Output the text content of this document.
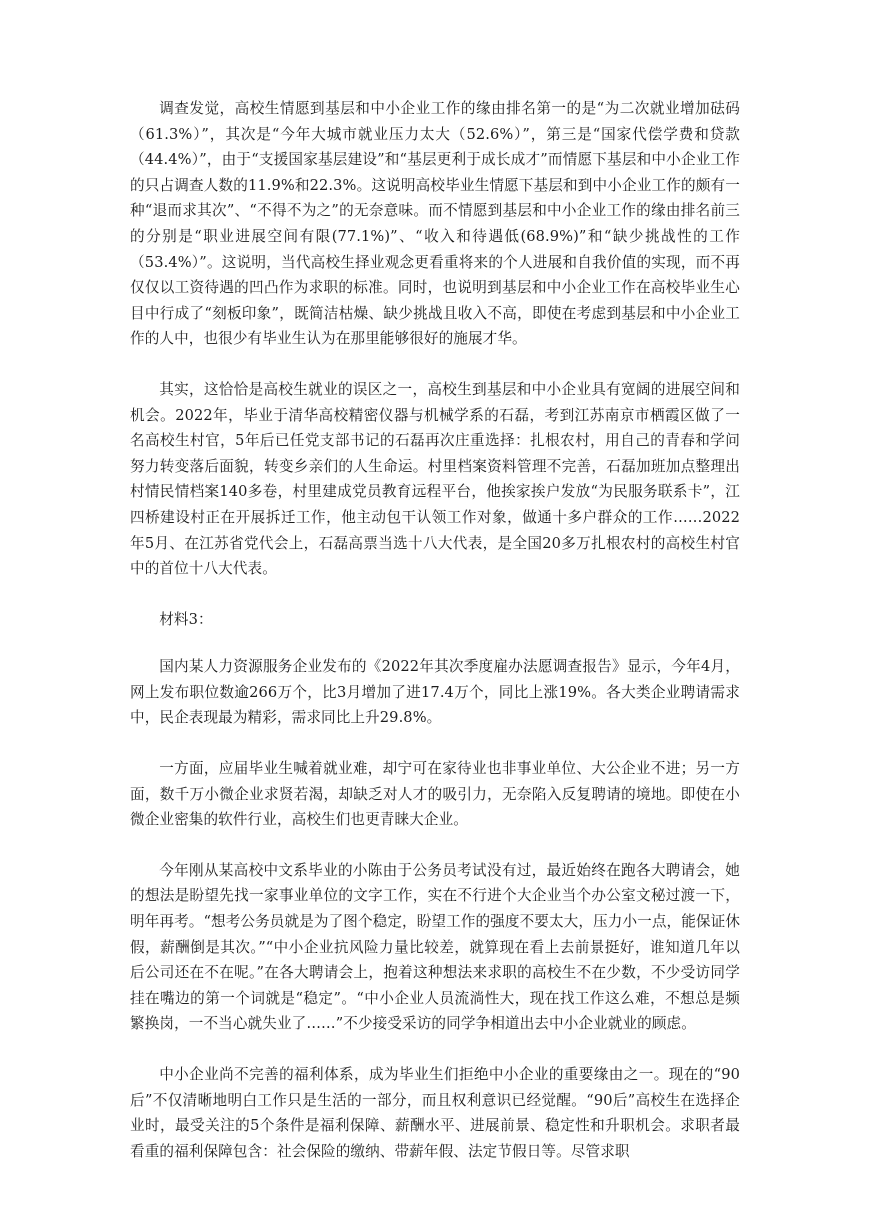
调查发觉，高校生情愿到基层和中小企业工作的缘由排名第一的是“为二次就业增加砝码（61.3%）”，其次是“今年大城市就业压力太大（52.6%）”，第三是“国家代偿学费和贷款（44.4%）”，由于“支援国家基层建设”和“基层更利于成长成才”而情愿下基层和中小企业工作的只占调查人数的11.9%和22.3%。这说明高校毕业生情愿下基层和到中小企业工作的颇有一种“退而求其次”、“不得不为之”的无奈意味。而不情愿到基层和中小企业工作的缘由排名前三的分别是“职业进展空间有限(77.1%)”、“收入和待遇低(68.9%)”和“缺少挑战性的工作（53.4%）”。这说明，当代高校生择业观念更看重将来的个人进展和自我价值的实现，而不再仅仅以工资待遇的凹凸作为求职的标准。同时，也说明到基层和中小企业工作在高校毕业生心目中行成了“刻板印象”，既简洁枯燥、缺少挑战且收入不高，即使在考虑到基层和中小企业工作的人中，也很少有毕业生认为在那里能够很好的施展才华。

其实，这恰恰是高校生就业的误区之一，高校生到基层和中小企业具有宽阔的进展空间和机会。2022年，毕业于清华高校精密仪器与机械学系的石磊，考到江苏南京市栖霞区做了一名高校生村官，5年后已任党支部书记的石磊再次庄重选择：扎根农村，用自己的青春和学问努力转变落后面貌，转变乡亲们的人生命运。村里档案资料管理不完善，石磊加班加点整理出村情民情档案140多卷，村里建成党员教育远程平台，他挨家挨户发放“为民服务联系卡”，江四桥建设村正在开展拆迁工作，他主动包干认领工作对象，做通十多户群众的工作……2022年5月、在江苏省党代会上，石磊高票当选十八大代表，是全国20多万扎根农村的高校生村官中的首位十八大代表。

材料3：

国内某人力资源服务企业发布的《2022年其次季度雇办法愿调查报告》显示，今年4月，网上发布职位数逾266万个，比3月增加了进17.4万个，同比上涨19%。各大类企业聘请需求中，民企表现最为精彩，需求同比上升29.8%。

一方面，应届毕业生喊着就业难，却宁可在家待业也非事业单位、大公企业不进；另一方面，数千万小微企业求贤若渴，却缺乏对人才的吸引力，无奈陷入反复聘请的境地。即使在小微企业密集的软件行业，高校生们也更青睐大企业。

今年刚从某高校中文系毕业的小陈由于公务员考试没有过，最近始终在跑各大聘请会，她的想法是盼望先找一家事业单位的文字工作，实在不行进个大企业当个办公室文秘过渡一下，明年再考。“想考公务员就是为了图个稳定，盼望工作的强度不要太大，压力小一点，能保证休假，薪酬倒是其次。”“中小企业抗风险力量比较差，就算现在看上去前景挺好，谁知道几年以后公司还在不在呢。”在各大聘请会上，抱着这种想法来求职的高校生不在少数，不少受访同学挂在嘴边的第一个词就是“稳定”。“中小企业人员流淌性大，现在找工作这么难，不想总是频繁换岗，一不当心就失业了……”不少接受采访的同学争相道出去中小企业就业的顾虑。

中小企业尚不完善的福利体系，成为毕业生们拒绝中小企业的重要缘由之一。现在的“90后”不仅清晰地明白工作只是生活的一部分，而且权利意识已经觉醒。“90后”高校生在选择企业时，最受关注的5个条件是福利保障、薪酬水平、进展前景、稳定性和升职机会。求职者最看重的福利保障包含：社会保险的缴纳、带薪年假、法定节假日等。尽管求职
